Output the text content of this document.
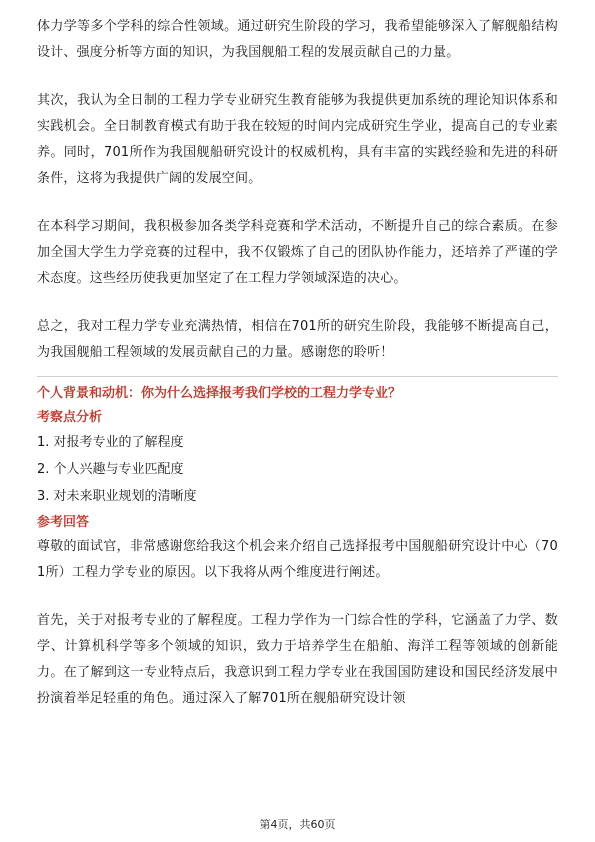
体力学等多个学科的综合性领域。通过研究生阶段的学习，我希望能够深入了解舰船结构设计、强度分析等方面的知识，为我国舰船工程的发展贡献自己的力量。

其次，我认为全日制的工程力学专业研究生教育能够为我提供更加系统的理论知识体系和实践机会。全日制教育模式有助于我在较短的时间内完成研究生学业，提高自己的专业素养。同时，701所作为我国舰船研究设计的权威机构，具有丰富的实践经验和先进的科研条件，这将为我提供广阔的发展空间。

在本科学习期间，我积极参加各类学科竞赛和学术活动，不断提升自己的综合素质。在参加全国大学生力学竞赛的过程中，我不仅锻炼了自己的团队协作能力，还培养了严谨的学术态度。这些经历使我更加坚定了在工程力学领域深造的决心。

总之，我对工程力学专业充满热情，相信在701所的研究生阶段，我能够不断提高自己，为我国舰船工程领域的发展贡献自己的力量。感谢您的聆听！

个人背景和动机：你为什么选择报考我们学校的工程力学专业？

考察点分析

1. 对报考专业的了解程度

2. 个人兴趣与专业匹配度

3. 对未来职业规划的清晰度

参考回答

尊敬的面试官，非常感谢您给我这个机会来介绍自己选择报考中国舰船研究设计中心（701所）工程力学专业的原因。以下我将从两个维度进行阐述。

首先，关于对报考专业的了解程度。工程力学作为一门综合性的学科，它涵盖了力学、数学、计算机科学等多个领域的知识，致力于培养学生在船舶、海洋工程等领域的创新能力。在了解到这一专业特点后，我意识到工程力学专业在我国国防建设和国民经济发展中扮演着举足轻重的角色。通过深入了解701所在舰船研究设计领

第4页，共60页
